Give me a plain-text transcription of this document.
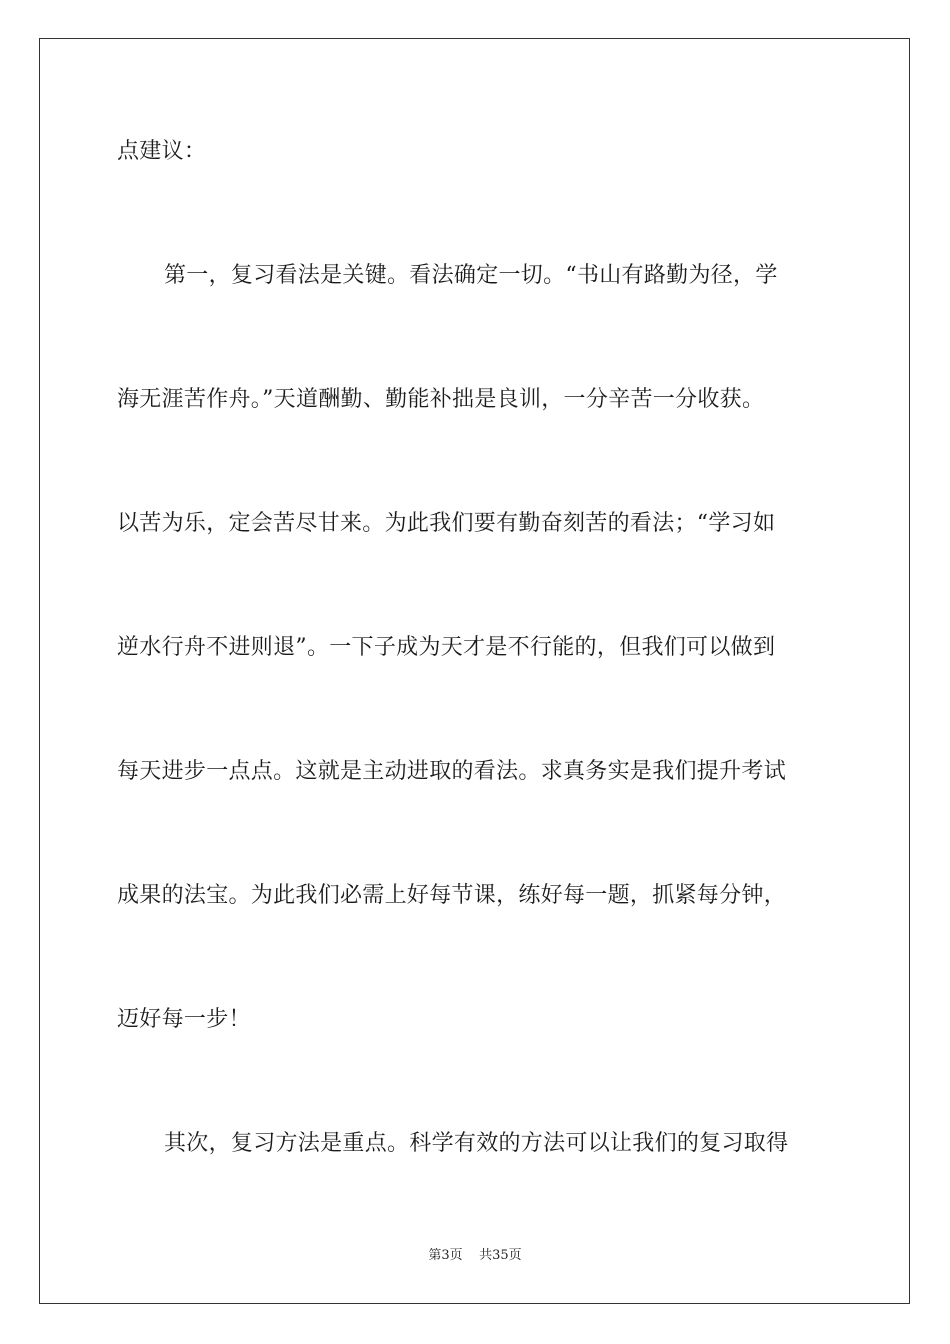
点建议：
第一，复习看法是关键。看法确定一切。“书山有路勤为径，学
海无涯苦作舟。”天道酬勤、勤能补拙是良训，一分辛苦一分收获。
以苦为乐，定会苦尽甘来。为此我们要有勤奋刻苦的看法；“学习如
逆水行舟不进则退”。一下子成为天才是不行能的，但我们可以做到
每天进步一点点。这就是主动进取的看法。求真务实是我们提升考试
成果的法宝。为此我们必需上好每节课，练好每一题，抓紧每分钟，
迈好每一步！
其次，复习方法是重点。科学有效的方法可以让我们的复习取得
第3页 共35页
